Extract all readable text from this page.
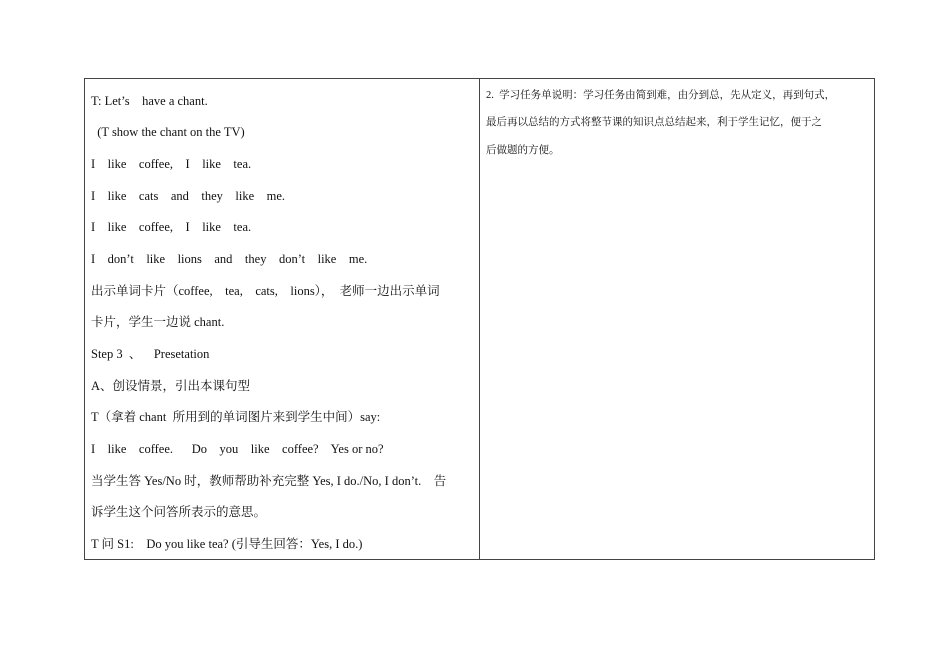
T: Let’s    have a chant.
(T show the chant on the TV)
I    like    coffee,    I    like    tea.
I    like    cats    and    they    like    me.
I    like    coffee,    I    like    tea.
I    don’t    like    lions    and    they    don’t    like    me.
出示单词卡片（coffee,    tea,    cats,    lions），  老师一边出示单词
卡片，学生一边说 chant.
Step 3  、    Presetation
A、创设情景，引出本课句型
T（拿着 chant  所用到的单词图片来到学生中间）say:
I    like    coffee.      Do    you    like    coffee?    Yes or no?
当学生答 Yes/No 时，教师帮助补充完整 Yes, I do./No, I don’t.    告
诉学生这个问答所表示的意思。
T 问 S1:    Do you like tea? (引导生回答：Yes, I do.)
2.  学习任务单说明：学习任务由简到难，由分到总，先从定义，再到句式，
最后再以总结的方式将整节课的知识点总结起来，利于学生记忆，便于之
后做题的方便。
